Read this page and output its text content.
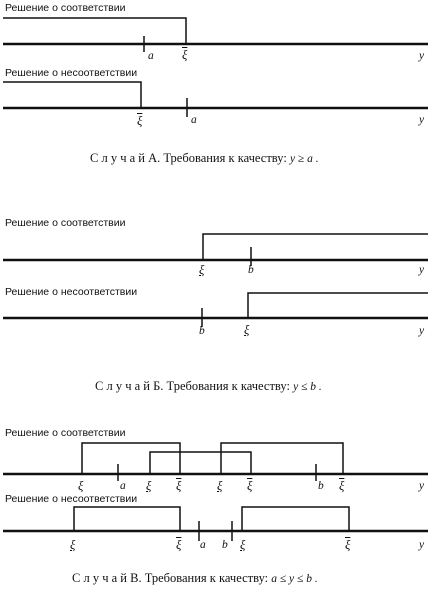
Решение о соответствии
a $\overline{\xi}$	y
Решение о несоответствии
$\overline{\xi}$	a	y
С л у ч а й А. Требования к качеству: y ≥ a .
Решение о соответствии
ξ	b	y
Решение о несоответствии
b	ξ	y
С л у ч а й Б. Требования к качеству: y ≤ b .
Решение о соответствии
ξ	a ξ $\overline{\xi}$	ξ $\overline{\xi}$	b $\overline{\xi}$	y
Решение о несоответствии
ξ	$\overline{\xi}$ a b ξ	$\overline{\xi}$	y
С л у ч а й В. Требования к качеству: a ≤ y ≤ b .
